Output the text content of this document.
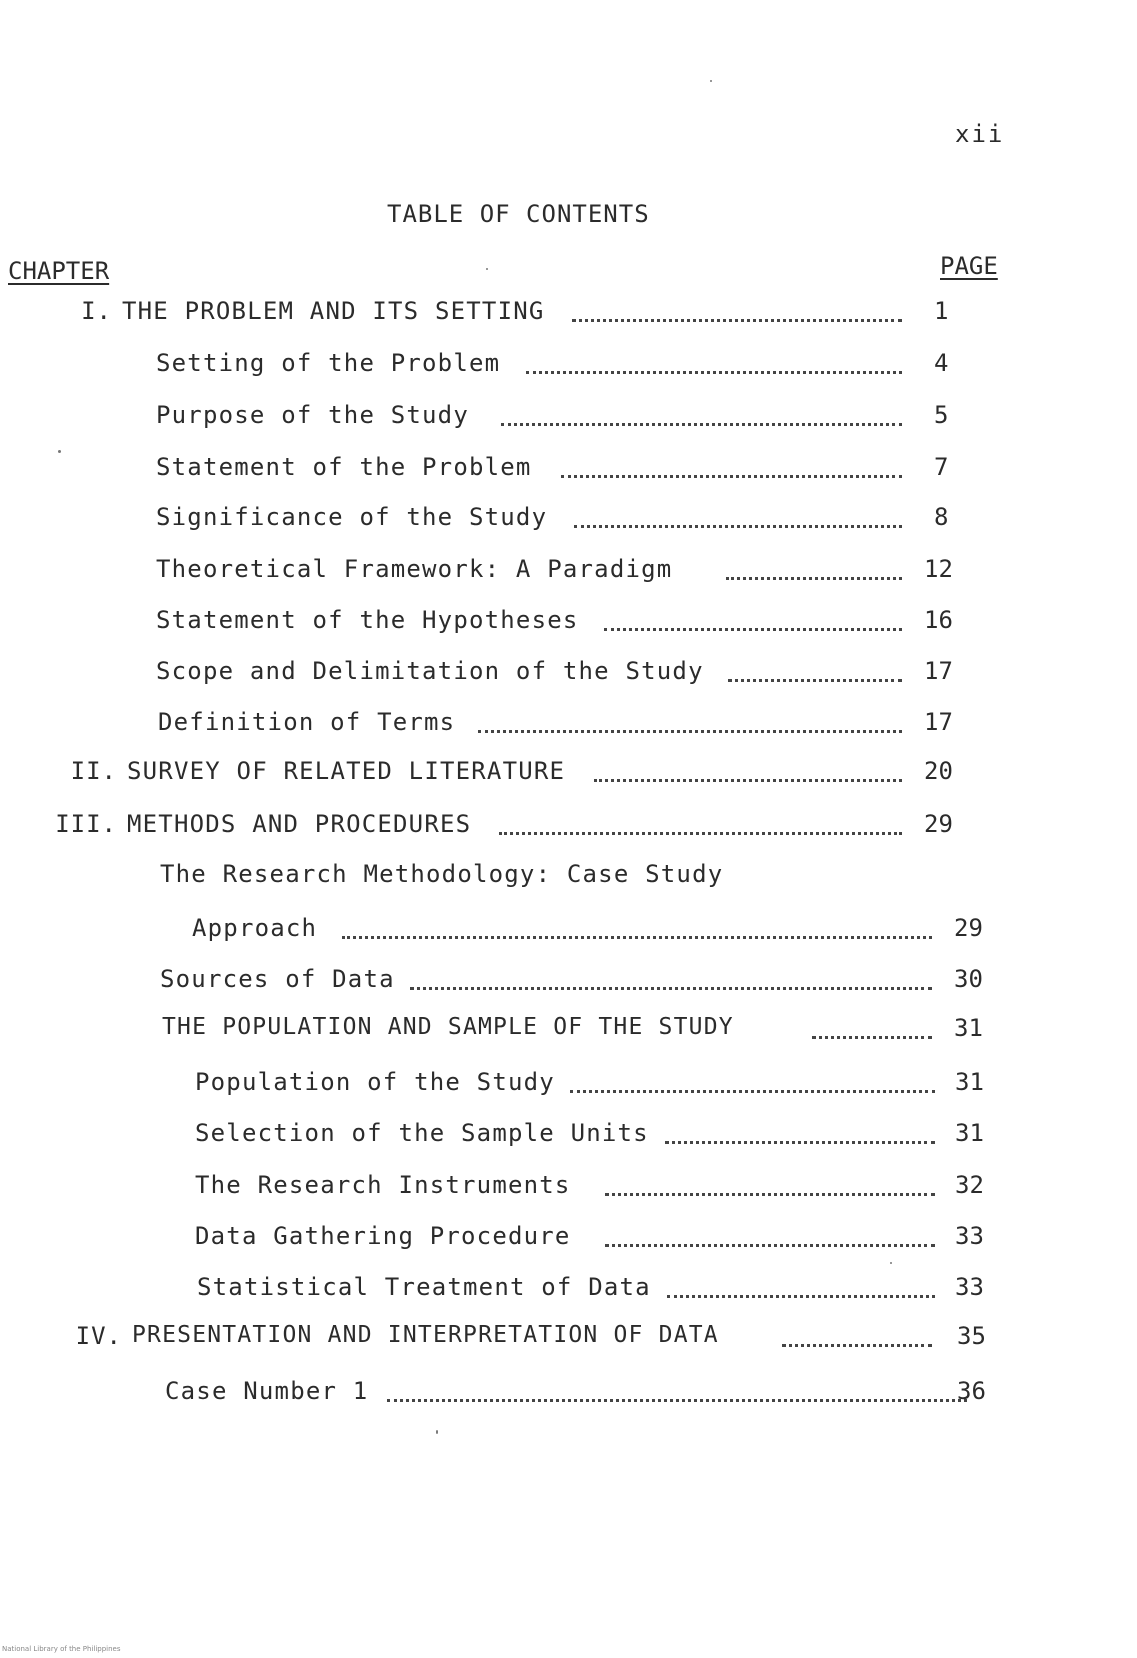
xii
TABLE OF CONTENTS
CHAPTER	PAGE
I. THE PROBLEM AND ITS SETTING	1
Setting of the Problem	4
Purpose of the Study	5
Statement of the Problem	7
Significance of the Study	8
Theoretical Framework: A Paradigm	12
Statement of the Hypotheses	16
Scope and Delimitation of the Study	17
Definition of Terms	17
II. SURVEY OF RELATED LITERATURE	20
III. METHODS AND PROCEDURES	29
The Research Methodology: Case Study
Approach	29
Sources of Data	30
THE POPULATION AND SAMPLE OF THE STUDY	31
Population of the Study	31
Selection of the Sample Units	31
The Research Instruments	32
Data Gathering Procedure	33
Statistical Treatment of Data	33
IV. PRESENTATION AND INTERPRETATION OF DATA	35
Case Number 1	36
National Library of the Philippines
